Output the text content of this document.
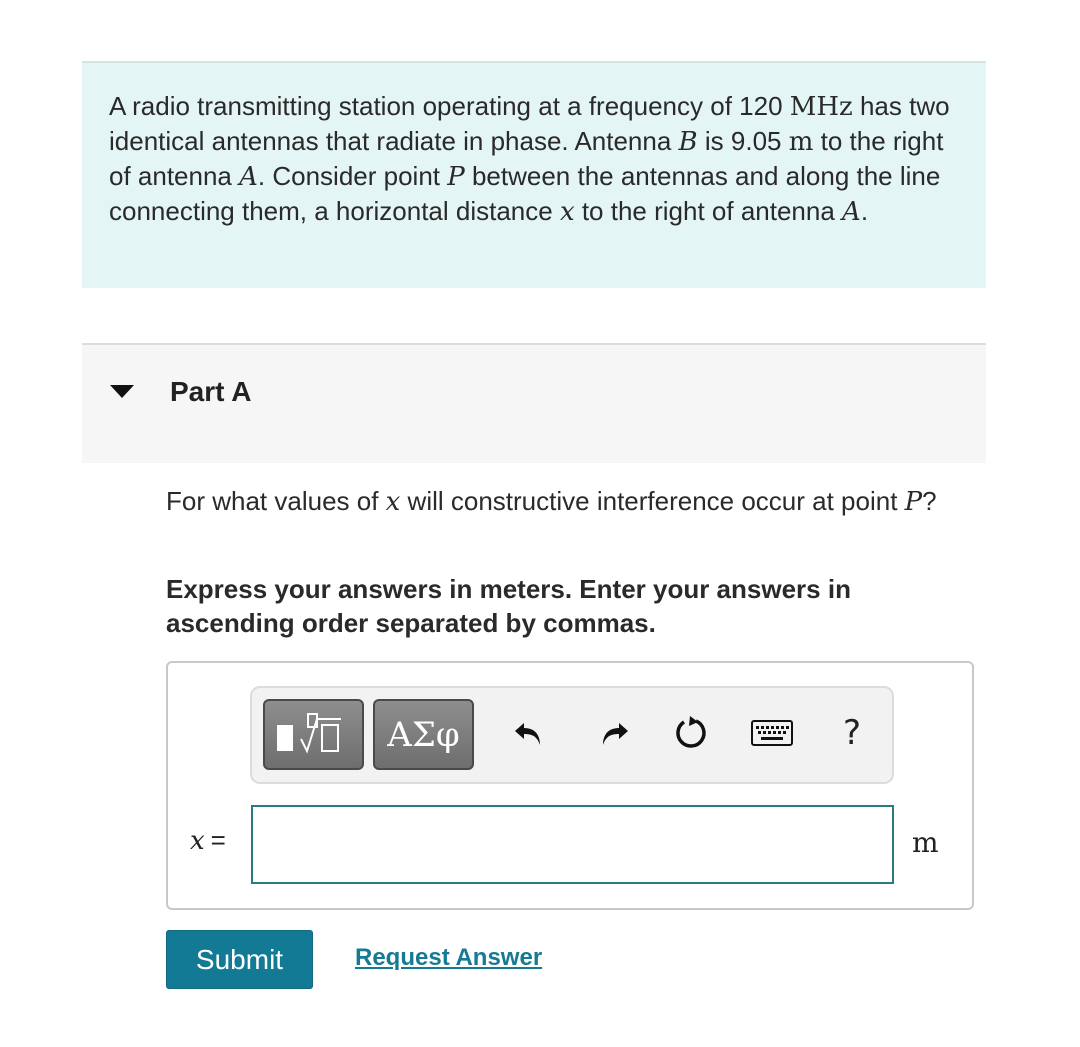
A radio transmitting station operating at a frequency of 120 MHz has two identical antennas that radiate in phase. Antenna B is 9.05 m to the right of antenna A. Consider point P between the antennas and along the line connecting them, a horizontal distance x to the right of antenna A.
Part A
For what values of x will constructive interference occur at point P?
Express your answers in meters. Enter your answers in ascending order separated by commas.
ΑΣφ	?
x =	m
Submit	Request Answer
